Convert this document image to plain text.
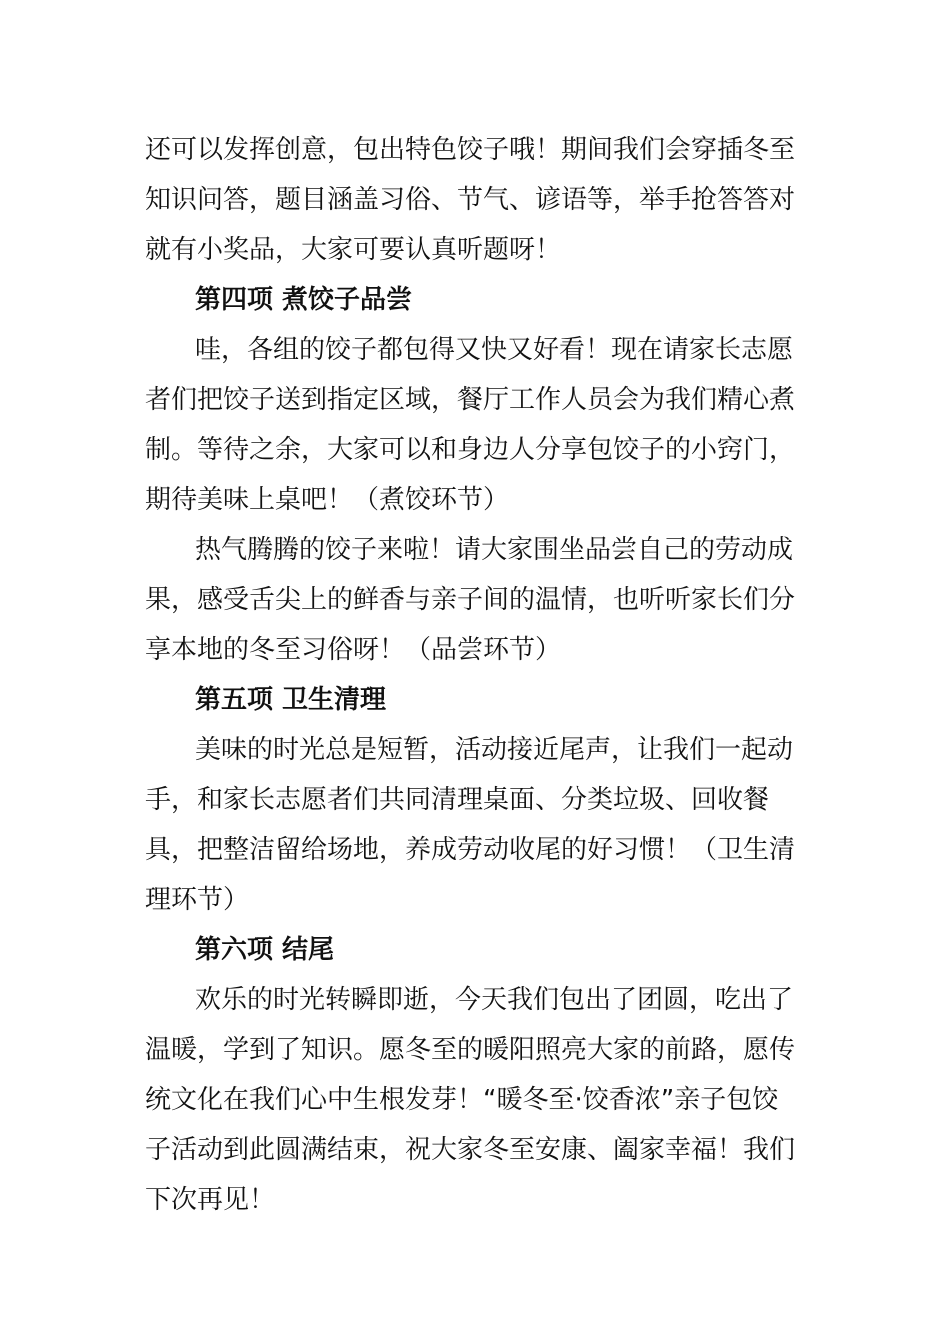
还可以发挥创意，包出特色饺子哦！期间我们会穿插冬至
知识问答，题目涵盖习俗、节气、谚语等，举手抢答答对
就有小奖品，大家可要认真听题呀！
第四项 煮饺子品尝
哇，各组的饺子都包得又快又好看！现在请家长志愿
者们把饺子送到指定区域，餐厅工作人员会为我们精心煮
制。等待之余，大家可以和身边人分享包饺子的小窍门，
期待美味上桌吧！（煮饺环节）
热气腾腾的饺子来啦！请大家围坐品尝自己的劳动成
果，感受舌尖上的鲜香与亲子间的温情，也听听家长们分
享本地的冬至习俗呀！（品尝环节）
第五项 卫生清理
美味的时光总是短暂，活动接近尾声，让我们一起动
手，和家长志愿者们共同清理桌面、分类垃圾、回收餐
具，把整洁留给场地，养成劳动收尾的好习惯！（卫生清
理环节）
第六项 结尾
欢乐的时光转瞬即逝，今天我们包出了团圆，吃出了
温暖，学到了知识。愿冬至的暖阳照亮大家的前路，愿传
统文化在我们心中生根发芽！“暖冬至·饺香浓”亲子包饺
子活动到此圆满结束，祝大家冬至安康、阖家幸福！我们
下次再见！
